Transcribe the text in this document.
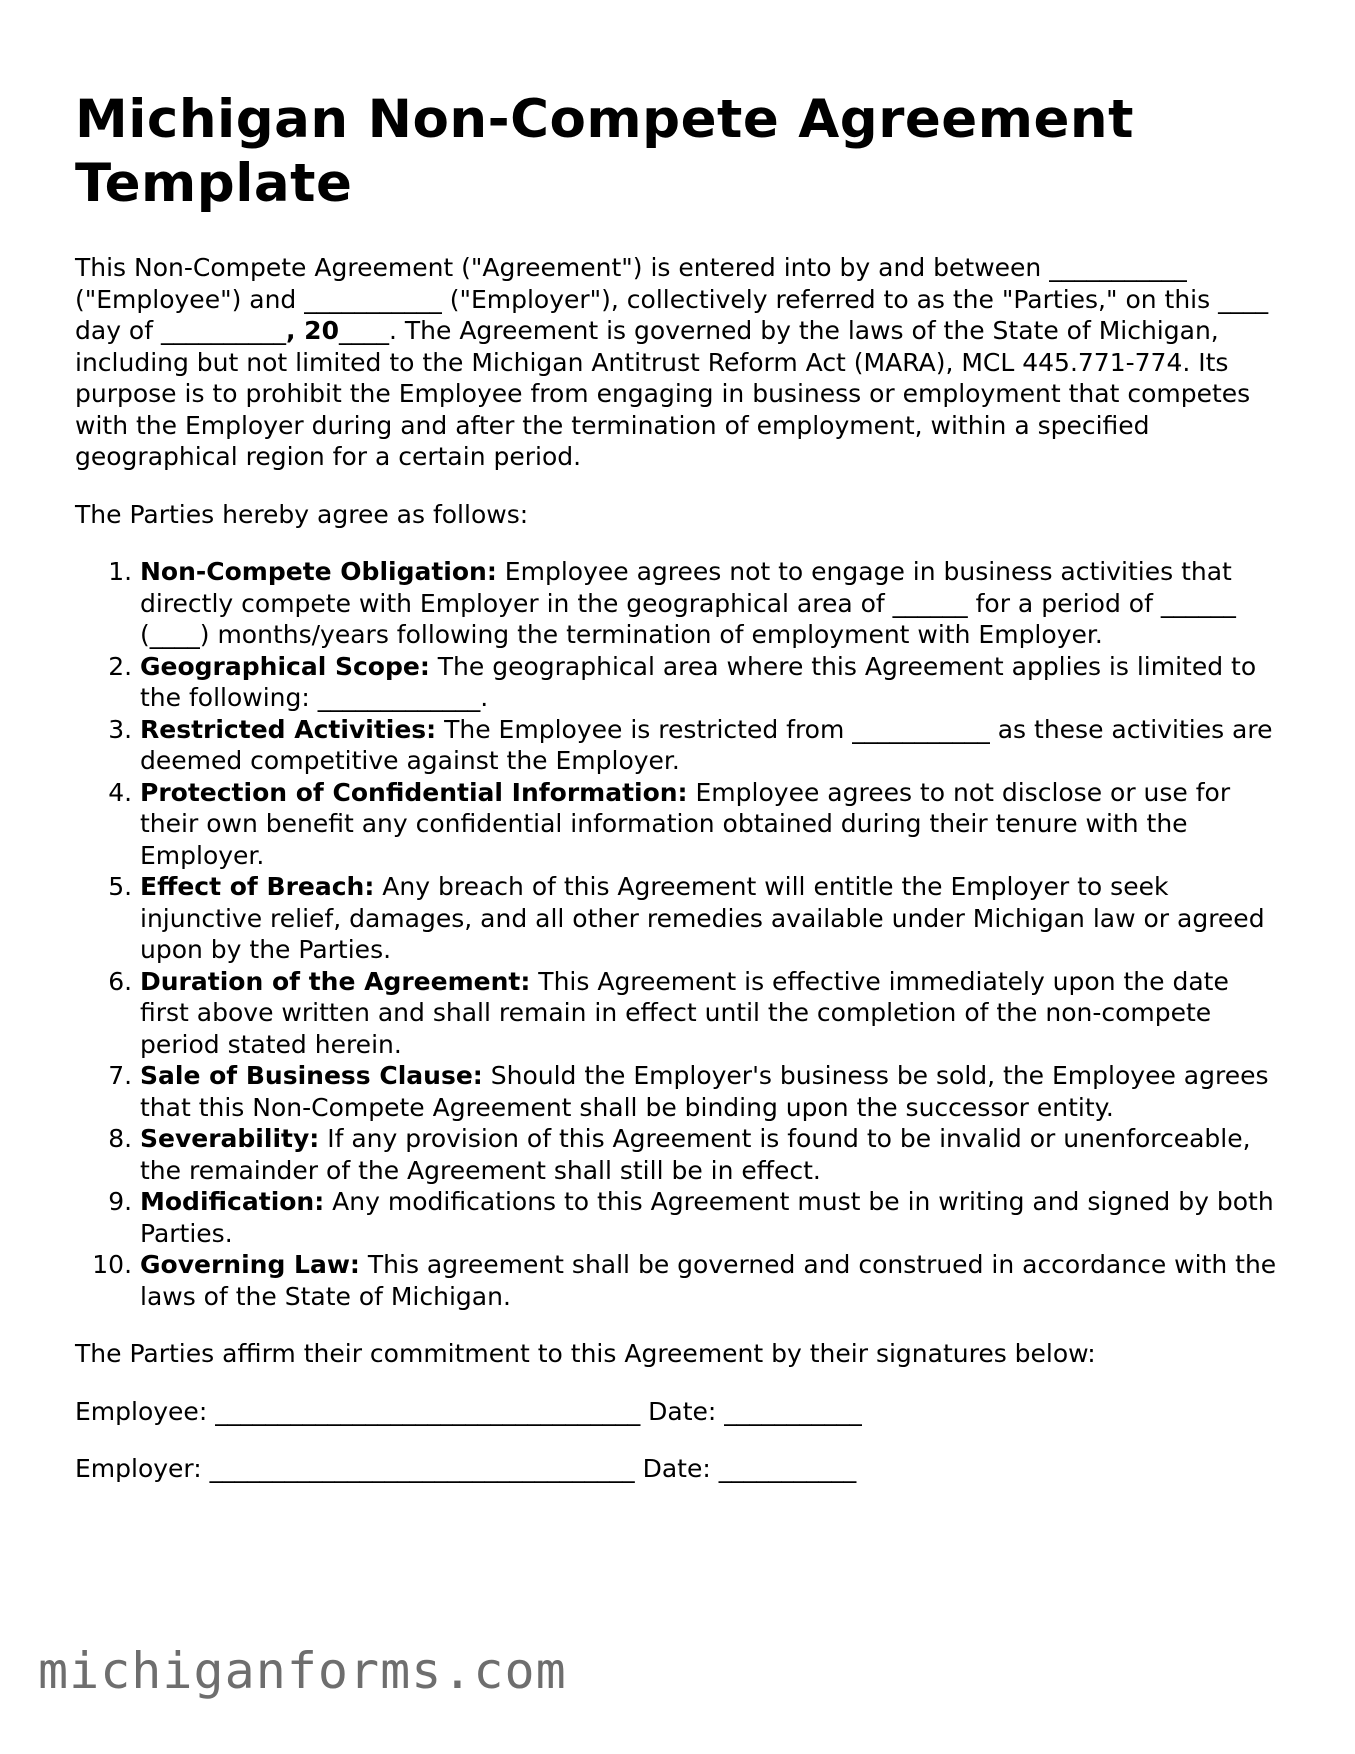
Michigan Non-Compete Agreement Template

This Non-Compete Agreement ("Agreement") is entered into by and between ___________ ("Employee") and ___________ ("Employer"), collectively referred to as the "Parties," on this ____ day of __________, 20____. The Agreement is governed by the laws of the State of Michigan, including but not limited to the Michigan Antitrust Reform Act (MARA), MCL 445.771-774. Its purpose is to prohibit the Employee from engaging in business or employment that competes with the Employer during and after the termination of employment, within a specified geographical region for a certain period.

The Parties hereby agree as follows:

1. Non-Compete Obligation: Employee agrees not to engage in business activities that directly compete with Employer in the geographical area of ______ for a period of ______ (____) months/years following the termination of employment with Employer.
2. Geographical Scope: The geographical area where this Agreement applies is limited to the following: _____________.
3. Restricted Activities: The Employee is restricted from ___________ as these activities are deemed competitive against the Employer.
4. Protection of Confidential Information: Employee agrees to not disclose or use for their own benefit any confidential information obtained during their tenure with the Employer.
5. Effect of Breach: Any breach of this Agreement will entitle the Employer to seek injunctive relief, damages, and all other remedies available under Michigan law or agreed upon by the Parties.
6. Duration of the Agreement: This Agreement is effective immediately upon the date first above written and shall remain in effect until the completion of the non-compete period stated herein.
7. Sale of Business Clause: Should the Employer's business be sold, the Employee agrees that this Non-Compete Agreement shall be binding upon the successor entity.
8. Severability: If any provision of this Agreement is found to be invalid or unenforceable, the remainder of the Agreement shall still be in effect.
9. Modification: Any modifications to this Agreement must be in writing and signed by both Parties.
10. Governing Law: This agreement shall be governed and construed in accordance with the laws of the State of Michigan.

The Parties affirm their commitment to this Agreement by their signatures below:

Employee: __________________________________ Date: ___________

Employer: __________________________________ Date: ___________

michiganforms.com
